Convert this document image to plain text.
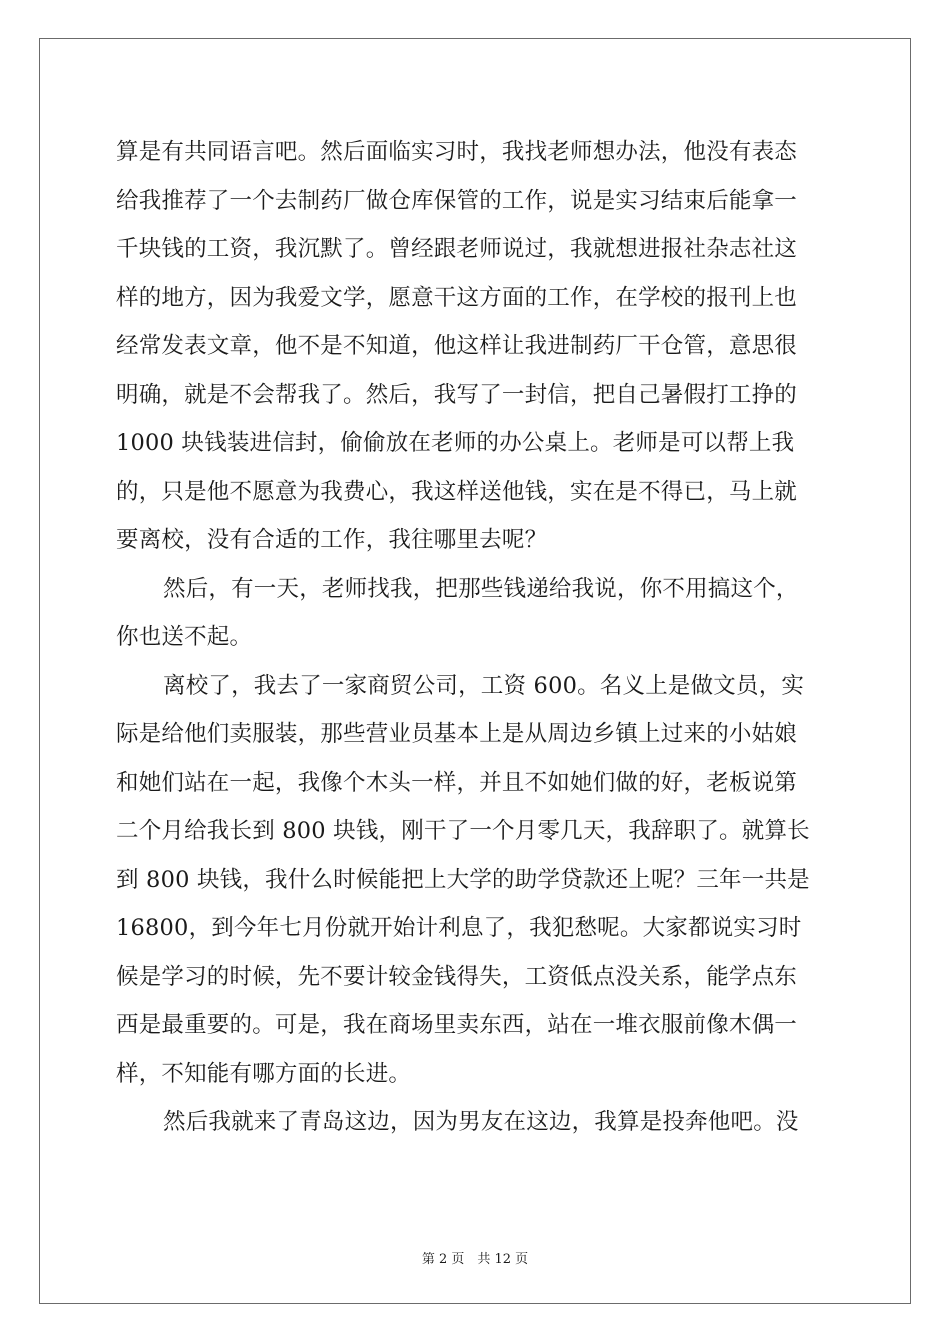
算是有共同语言吧。然后面临实习时，我找老师想办法，他没有表态
给我推荐了一个去制药厂做仓库保管的工作，说是实习结束后能拿一
千块钱的工资，我沉默了。曾经跟老师说过，我就想进报社杂志社这
样的地方，因为我爱文学，愿意干这方面的工作，在学校的报刊上也
经常发表文章，他不是不知道，他这样让我进制药厂干仓管，意思很
明确，就是不会帮我了。然后，我写了一封信，把自己暑假打工挣的
1000 块钱装进信封，偷偷放在老师的办公桌上。老师是可以帮上我
的，只是他不愿意为我费心，我这样送他钱，实在是不得已，马上就
要离校，没有合适的工作，我往哪里去呢？
然后，有一天，老师找我，把那些钱递给我说，你不用搞这个，
你也送不起。
离校了，我去了一家商贸公司，工资 600。名义上是做文员，实
际是给他们卖服装，那些营业员基本上是从周边乡镇上过来的小姑娘
和她们站在一起，我像个木头一样，并且不如她们做的好，老板说第
二个月给我长到 800 块钱，刚干了一个月零几天，我辞职了。就算长
到 800 块钱，我什么时候能把上大学的助学贷款还上呢？三年一共是
16800，到今年七月份就开始计利息了，我犯愁呢。大家都说实习时
候是学习的时候，先不要计较金钱得失，工资低点没关系，能学点东
西是最重要的。可是，我在商场里卖东西，站在一堆衣服前像木偶一
样，不知能有哪方面的长进。
然后我就来了青岛这边，因为男友在这边，我算是投奔他吧。没
第 2 页　共 12 页
